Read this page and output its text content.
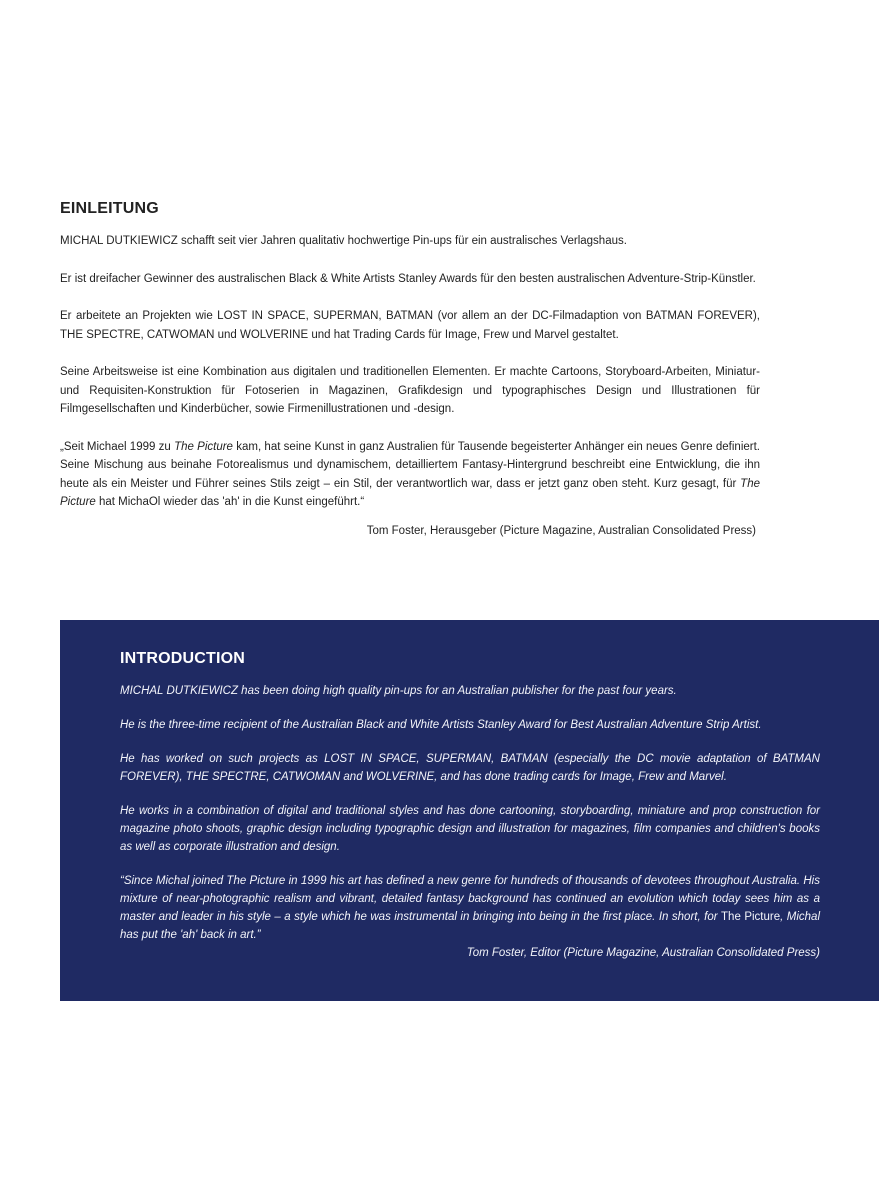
EINLEITUNG

MICHAL DUTKIEWICZ schafft seit vier Jahren qualitativ hochwertige Pin-ups für ein australisches Verlagshaus.

Er ist dreifacher Gewinner des australischen Black & White Artists Stanley Awards für den besten australischen Adventure-Strip-Künstler.

Er arbeitete an Projekten wie LOST IN SPACE, SUPERMAN, BATMAN (vor allem an der DC-Filmadaption von BATMAN FOREVER), THE SPECTRE, CATWOMAN und WOLVERINE und hat Trading Cards für Image, Frew und Marvel gestaltet.

Seine Arbeitsweise ist eine Kombination aus digitalen und traditionellen Elementen. Er machte Cartoons, Storyboard-Arbeiten, Miniatur- und Requisiten-Konstruktion für Fotoserien in Magazinen, Grafikdesign und typographisches Design und Illustrationen für Filmgesellschaften und Kinderbücher, sowie Firmenillustrationen und -design.

„Seit Michael 1999 zu The Picture kam, hat seine Kunst in ganz Australien für Tausende begeisterter Anhänger ein neues Genre definiert. Seine Mischung aus beinahe Fotorealismus und dynamischem, detailliertem Fantasy-Hintergrund beschreibt eine Entwicklung, die ihn heute als ein Meister und Führer seines Stils zeigt – ein Stil, der verantwortlich war, dass er jetzt ganz oben steht. Kurz gesagt, für The Picture hat MichaOl wieder das 'ah' in die Kunst eingeführt.“

Tom Foster, Herausgeber (Picture Magazine, Australian Consolidated Press)
INTRODUCTION

MICHAL DUTKIEWICZ has been doing high quality pin-ups for an Australian publisher for the past four years.

He is the three-time recipient of the Australian Black and White Artists Stanley Award for Best Australian Adventure Strip Artist.

He has worked on such projects as LOST IN SPACE, SUPERMAN, BATMAN (especially the DC movie adaptation of BATMAN FOREVER), THE SPECTRE, CATWOMAN and WOLVERINE, and has done trading cards for Image, Frew and Marvel.

He works in a combination of digital and traditional styles and has done cartooning, storyboarding, miniature and prop construction for magazine photo shoots, graphic design including typographic design and illustration for magazines, film companies and children's books as well as corporate illustration and design.

“Since Michal joined The Picture in 1999 his art has defined a new genre for hundreds of thousands of devotees throughout Australia. His mixture of near-photographic realism and vibrant, detailed fantasy background has continued an evolution which today sees him as a master and leader in his style – a style which he was instrumental in bringing into being in the first place. In short, for The Picture, Michal has put the 'ah' back in art.”

Tom Foster, Editor (Picture Magazine, Australian Consolidated Press)
